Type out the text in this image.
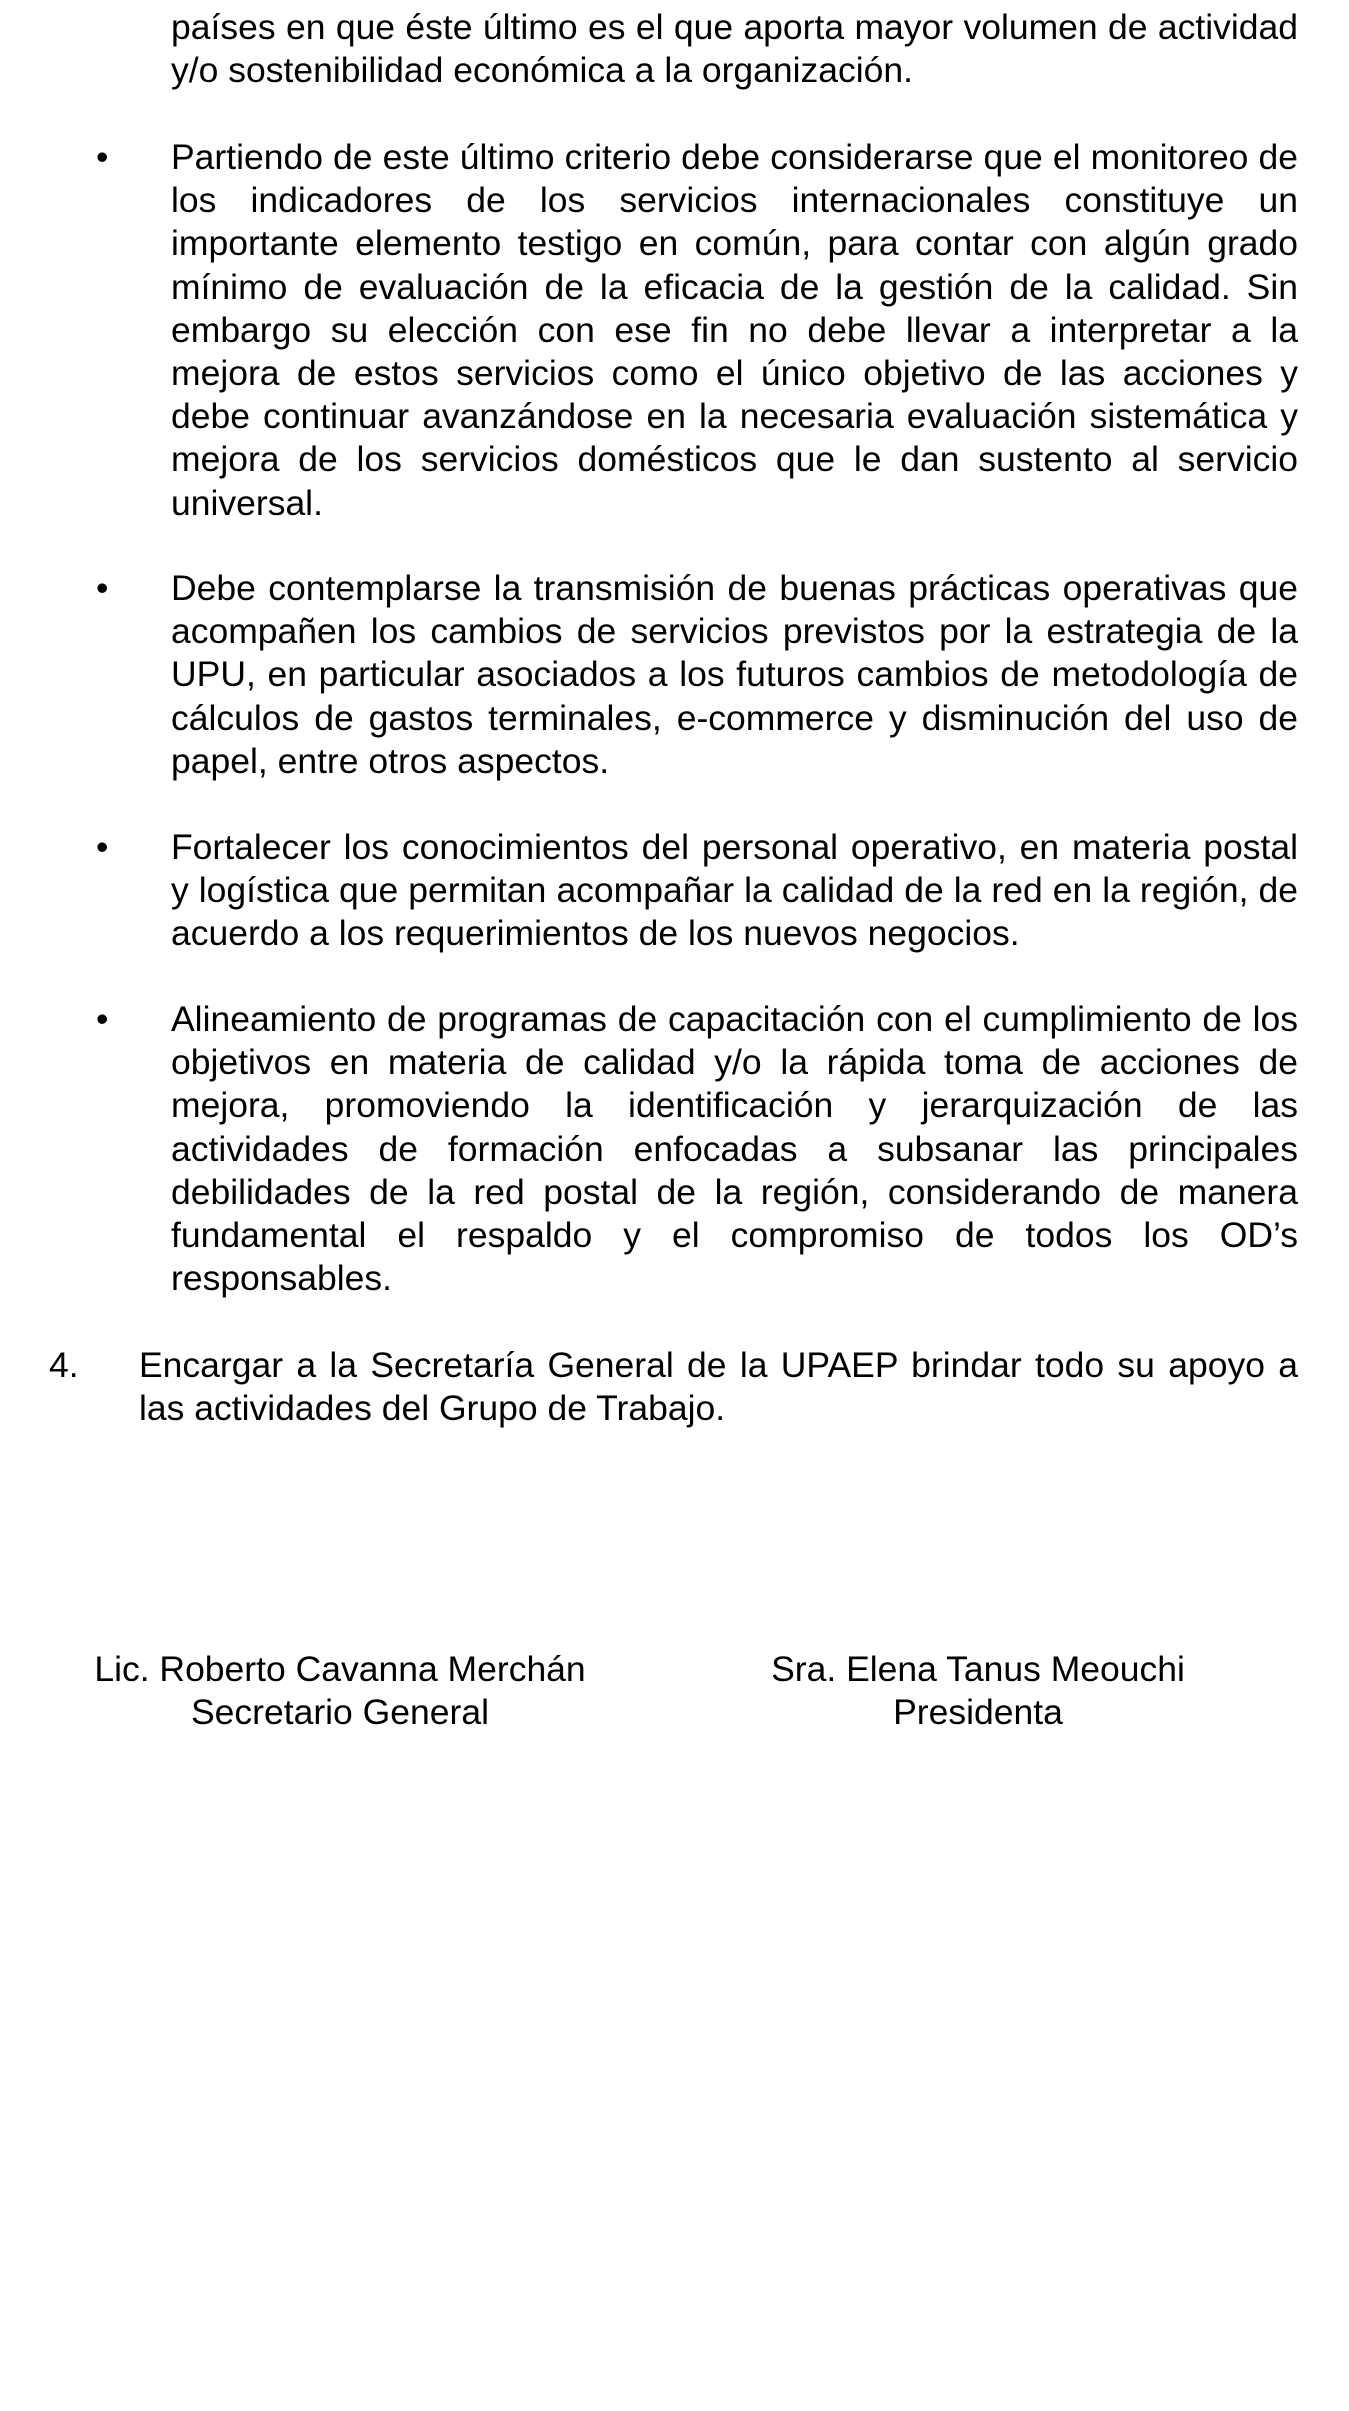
países en que éste último es el que aporta mayor volumen de actividad y/o sostenibilidad económica a la organización.

•	Partiendo de este último criterio debe considerarse que el monitoreo de los indicadores de los servicios internacionales constituye un importante elemento testigo en común, para contar con algún grado mínimo de evaluación de la eficacia de la gestión de la calidad. Sin embargo su elección con ese fin no debe llevar a interpretar a la mejora de estos servicios como el único objetivo de las acciones y debe continuar avanzándose en la necesaria evaluación sistemática y mejora de los servicios domésticos que le dan sustento al servicio universal.

•	Debe contemplarse la transmisión de buenas prácticas operativas que acompañen los cambios de servicios previstos por la estrategia de la UPU, en particular asociados a los futuros cambios de metodología de cálculos de gastos terminales, e-commerce y disminución del uso de papel, entre otros aspectos.

•	Fortalecer los conocimientos del personal operativo, en materia postal y logística que permitan acompañar la calidad de la red en la región, de acuerdo a los requerimientos de los nuevos negocios.

•	Alineamiento de programas de capacitación con el cumplimiento de los objetivos en materia de calidad y/o la rápida toma de acciones de mejora, promoviendo la identificación y jerarquización de las actividades de formación enfocadas a subsanar las principales debilidades de la red postal de la región, considerando de manera fundamental el respaldo y el compromiso de todos los OD’s responsables.

4. Encargar a la Secretaría General de la UPAEP brindar todo su apoyo a las actividades del Grupo de Trabajo.

Lic. Roberto Cavanna Merchán
Secretario General
Sra. Elena Tanus Meouchi
Presidenta
